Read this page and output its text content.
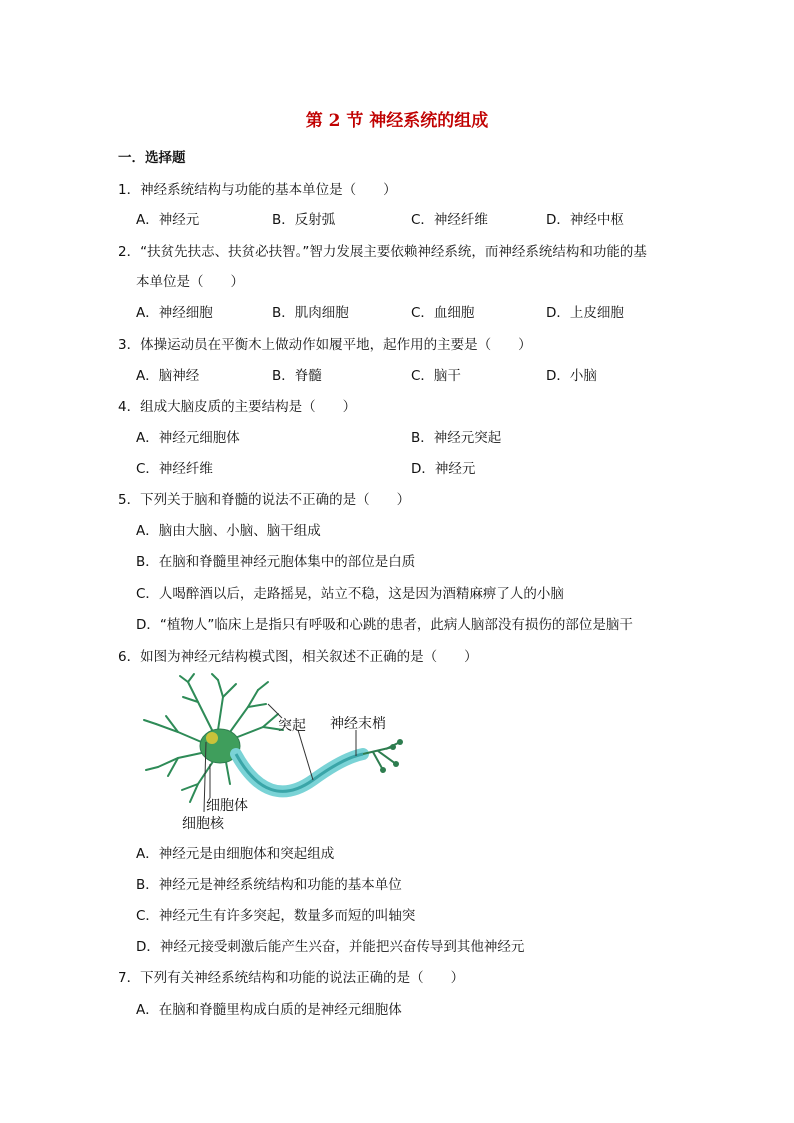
第 2 节 神经系统的组成
一．选择题
1．神经系统结构与功能的基本单位是（　　）
A．神经元	B．反射弧	C．神经纤维	D．神经中枢
2．“扶贫先扶志、扶贫必扶智。”智力发展主要依赖神经系统，而神经系统结构和功能的基
本单位是（　　）
A．神经细胞	B．肌肉细胞	C．血细胞	D．上皮细胞
3．体操运动员在平衡木上做动作如履平地，起作用的主要是（　　）
A．脑神经	B．脊髓	C．脑干	D．小脑
4．组成大脑皮质的主要结构是（　　）
A．神经元细胞体	B．神经元突起
C．神经纤维	D．神经元
5．下列关于脑和脊髓的说法不正确的是（　　）
A．脑由大脑、小脑、脑干组成
B．在脑和脊髓里神经元胞体集中的部位是白质
C．人喝醉酒以后，走路摇晃，站立不稳，这是因为酒精麻痹了人的小脑
D．“植物人”临床上是指只有呼吸和心跳的患者，此病人脑部没有损伤的部位是脑干
6．如图为神经元结构模式图，相关叙述不正确的是（　　）
突起 神经末梢
细胞体
细胞核
A．神经元是由细胞体和突起组成
B．神经元是神经系统结构和功能的基本单位
C．神经元生有许多突起，数量多而短的叫轴突
D．神经元接受刺激后能产生兴奋，并能把兴奋传导到其他神经元
7．下列有关神经系统结构和功能的说法正确的是（　　）
A．在脑和脊髓里构成白质的是神经元细胞体
